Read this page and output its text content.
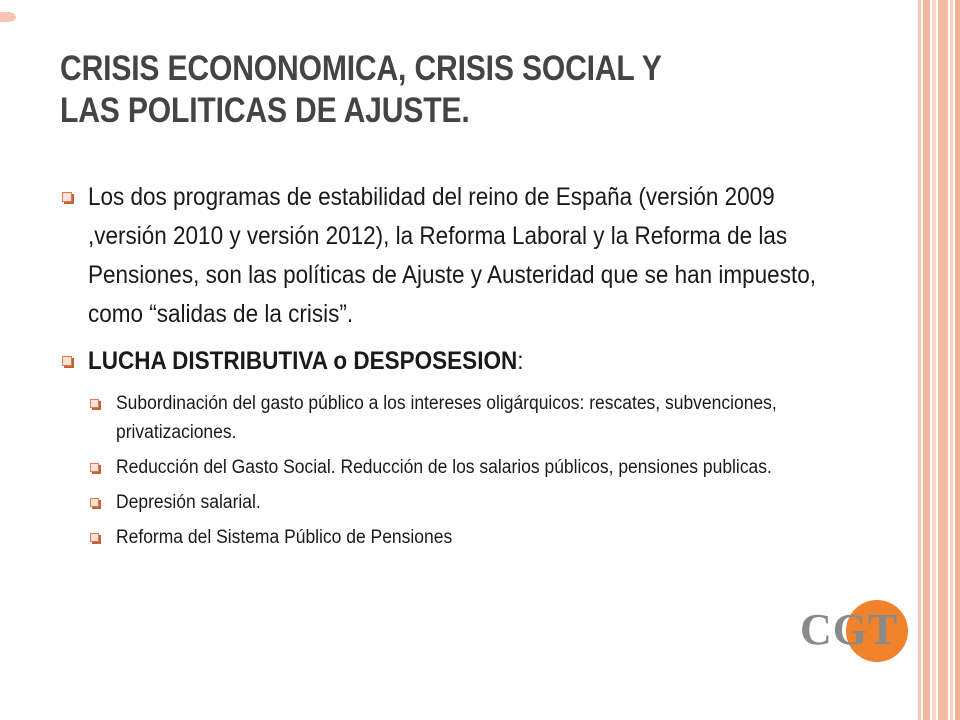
CRISIS ECONONOMICA, CRISIS SOCIAL Y
LAS POLITICAS DE AJUSTE.
Los dos programas de estabilidad del reino de España (versión 2009 ,versión 2010 y versión 2012), la Reforma Laboral y la Reforma de las Pensiones, son las políticas de Ajuste y Austeridad que se han impuesto, como “salidas de la crisis”.
LUCHA DISTRIBUTIVA o DESPOSESION:
Subordinación del gasto público a los intereses oligárquicos: rescates, subvenciones, privatizaciones.
Reducción del Gasto Social. Reducción de los salarios públicos, pensiones publicas.
Depresión salarial.
Reforma del Sistema Público de Pensiones
CGT
